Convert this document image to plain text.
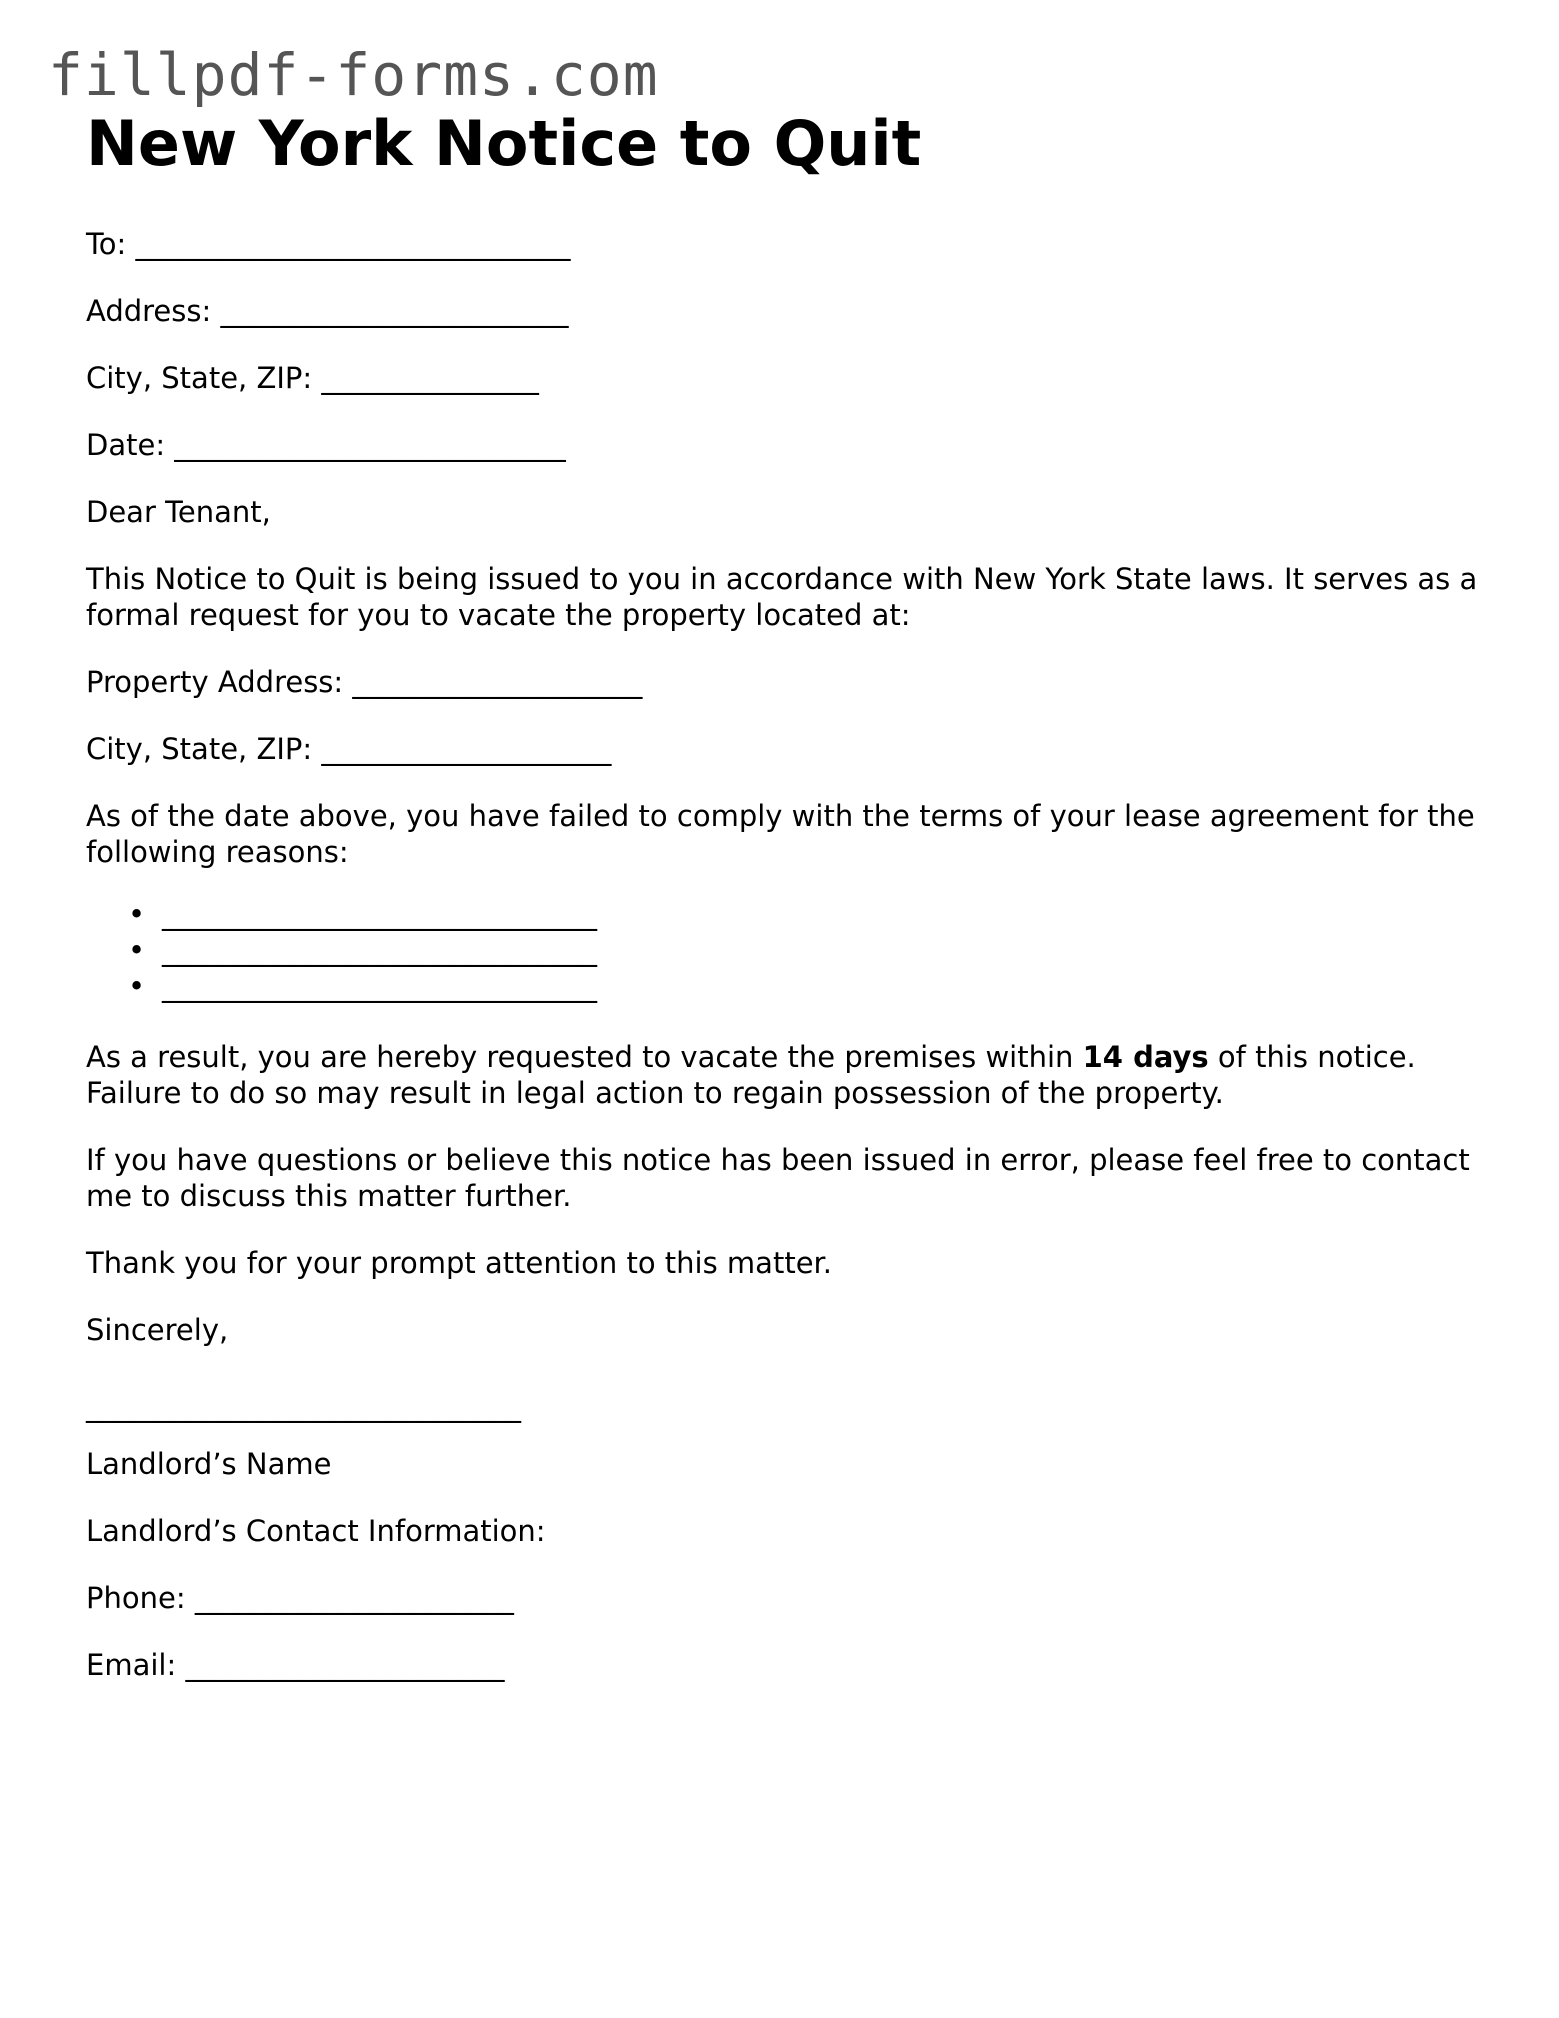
fillpdf-forms.com
New York Notice to Quit

To: ______________________________

Address: ________________________

City, State, ZIP: _______________

Date: ___________________________

Dear Tenant,

This Notice to Quit is being issued to you in accordance with New York State laws. It serves as a formal request for you to vacate the property located at:

Property Address: ____________________

City, State, ZIP: ____________________

As of the date above, you have failed to comply with the terms of your lease agreement for the following reasons:

• ______________________________
• ______________________________
• ______________________________

As a result, you are hereby requested to vacate the premises within 14 days of this notice. Failure to do so may result in legal action to regain possession of the property.

If you have questions or believe this notice has been issued in error, please feel free to contact me to discuss this matter further.

Thank you for your prompt attention to this matter.

Sincerely,

______________________________

Landlord’s Name

Landlord’s Contact Information:

Phone: ______________________

Email: ______________________
